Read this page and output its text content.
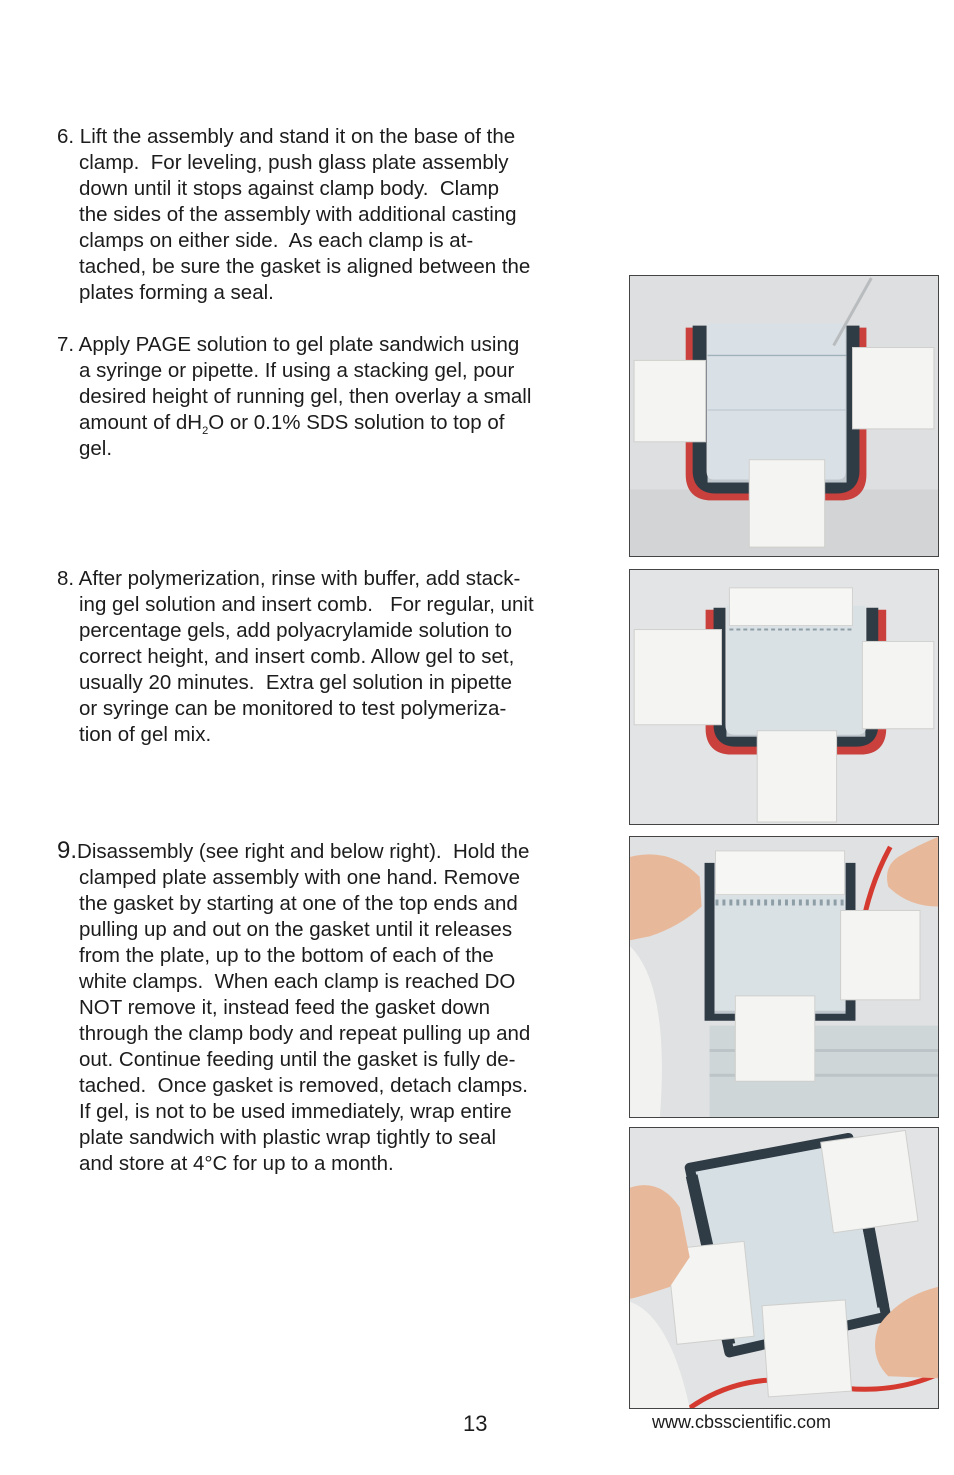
6. Lift the assembly and stand it on the base of the
clamp.  For leveling, push glass plate assembly
down until it stops against clamp body.  Clamp
the sides of the assembly with additional casting
clamps on either side.  As each clamp is at-
tached, be sure the gasket is aligned between the
plates forming a seal.
7. Apply PAGE solution to gel plate sandwich using
a syringe or pipette. If using a stacking gel, pour
desired height of running gel, then overlay a small
amount of $dH_2O$ or 0.1% SDS solution to top of
gel.
8. After polymerization, rinse with buffer, add stack-
ing gel solution and insert comb.   For regular, unit
percentage gels, add polyacrylamide solution to
correct height, and insert comb. Allow gel to set,
usually 20 minutes.  Extra gel solution in pipette
or syringe can be monitored to test polymeriza-
tion of gel mix.
9.Disassembly (see right and below right).  Hold the
clamped plate assembly with one hand. Remove
the gasket by starting at one of the top ends and
pulling up and out on the gasket until it releases
from the plate, up to the bottom of each of the
white clamps.  When each clamp is reached DO
NOT remove it, instead feed the gasket down
through the clamp body and repeat pulling up and
out. Continue feeding until the gasket is fully de-
tached.  Once gasket is removed, detach clamps.
If gel, is not to be used immediately, wrap entire
plate sandwich with plastic wrap tightly to seal
and store at 4°C for up to a month.
13	www.cbsscientific.com
